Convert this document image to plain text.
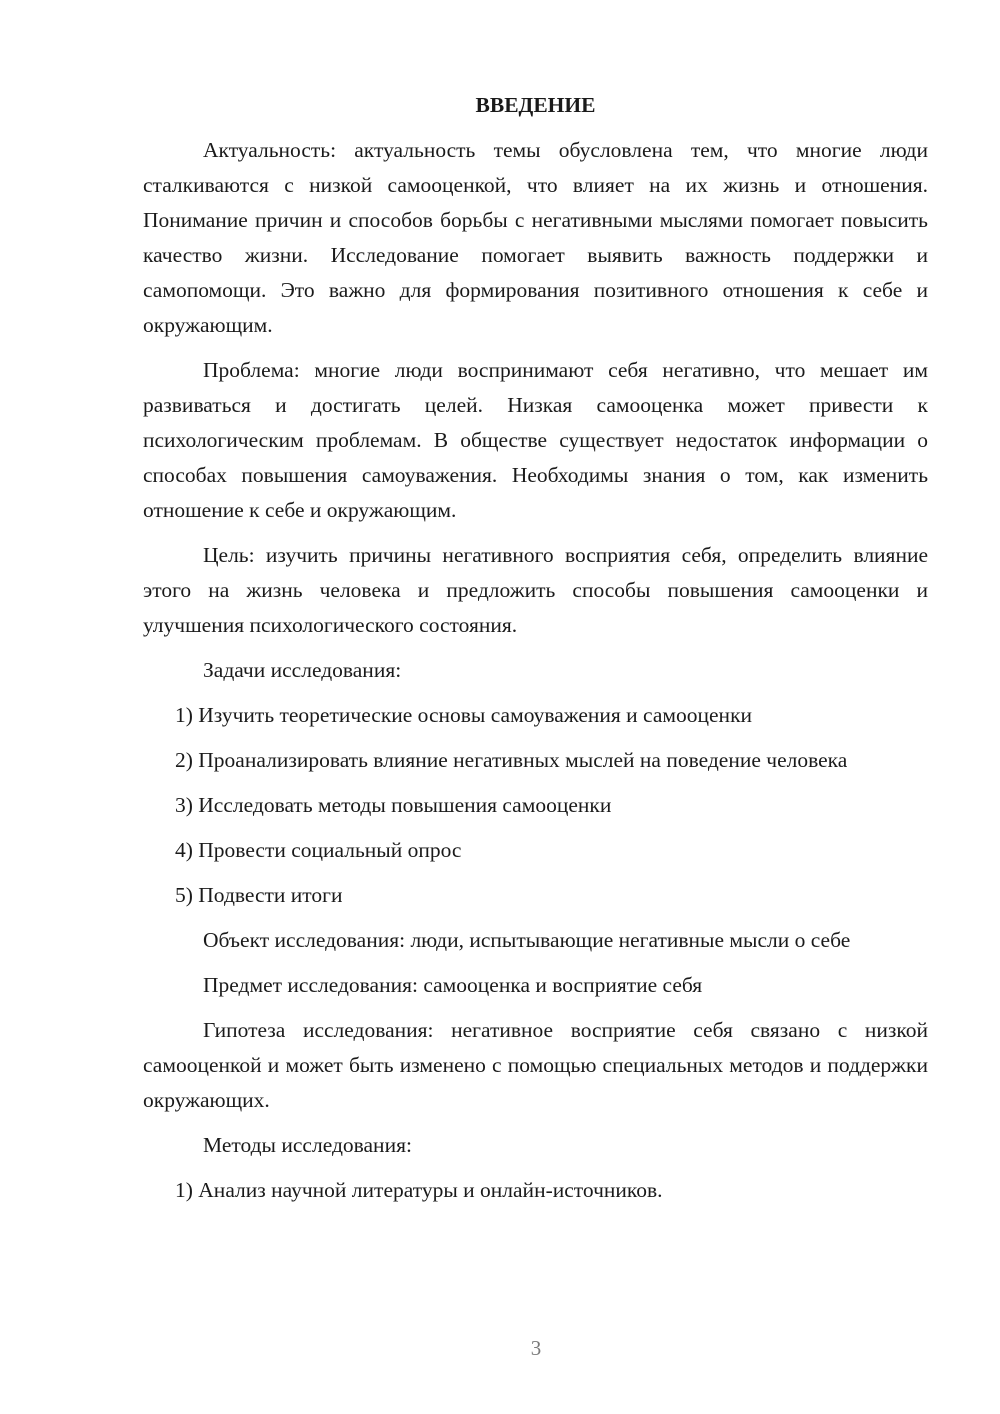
ВВЕДЕНИЕ
Актуальность: актуальность темы обусловлена тем, что многие люди сталкиваются с низкой самооценкой, что влияет на их жизнь и отношения. Понимание причин и способов борьбы с негативными мыслями помогает повысить качество жизни. Исследование помогает выявить важность поддержки и самопомощи. Это важно для формирования позитивного отношения к себе и окружающим.
Проблема: многие люди воспринимают себя негативно, что мешает им развиваться и достигать целей. Низкая самооценка может привести к психологическим проблемам. В обществе существует недостаток информации о способах повышения самоуважения. Необходимы знания о том, как изменить отношение к себе и окружающим.
Цель: изучить причины негативного восприятия себя, определить влияние этого на жизнь человека и предложить способы повышения самооценки и улучшения психологического состояния.
Задачи исследования:
1) Изучить теоретические основы самоуважения и самооценки
2) Проанализировать влияние негативных мыслей на поведение человека
3) Исследовать методы повышения самооценки
4) Провести социальный опрос
5) Подвести итоги
Объект исследования: люди, испытывающие негативные мысли о себе
Предмет исследования: самооценка и восприятие себя
Гипотеза исследования: негативное восприятие себя связано с низкой самооценкой и может быть изменено с помощью специальных методов и поддержки окружающих.
Методы исследования:
1) Анализ научной литературы и онлайн-источников.
3
